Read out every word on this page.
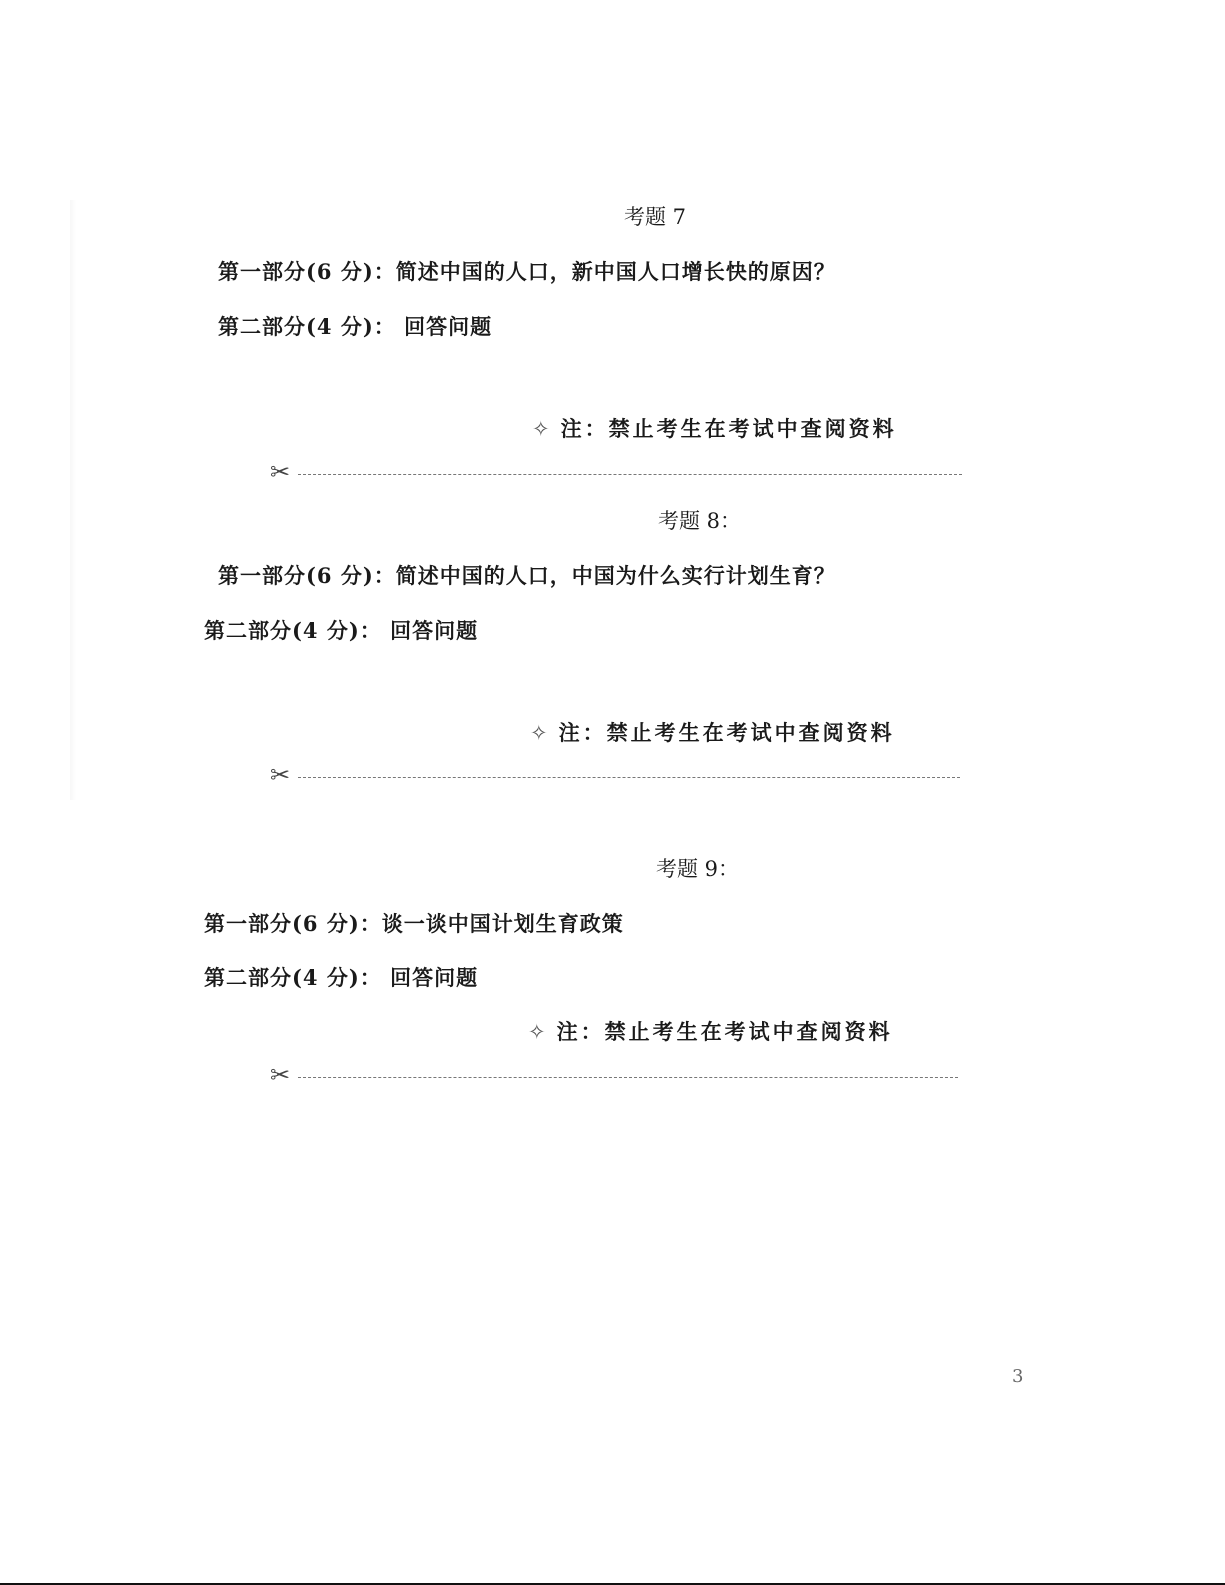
考题 7
第一部分(6 分)：简述中国的人口，新中国人口增长快的原因？
第二部分(4 分)： 回答问题
✧ 注：禁止考生在考试中查阅资料
✂
考题 8：
第一部分(6 分)：简述中国的人口，中国为什么实行计划生育？
第二部分(4 分)： 回答问题
✧ 注：禁止考生在考试中查阅资料
✂
考题 9：
第一部分(6 分)：谈一谈中国计划生育政策
第二部分(4 分)： 回答问题
✧ 注：禁止考生在考试中查阅资料
✂
3
